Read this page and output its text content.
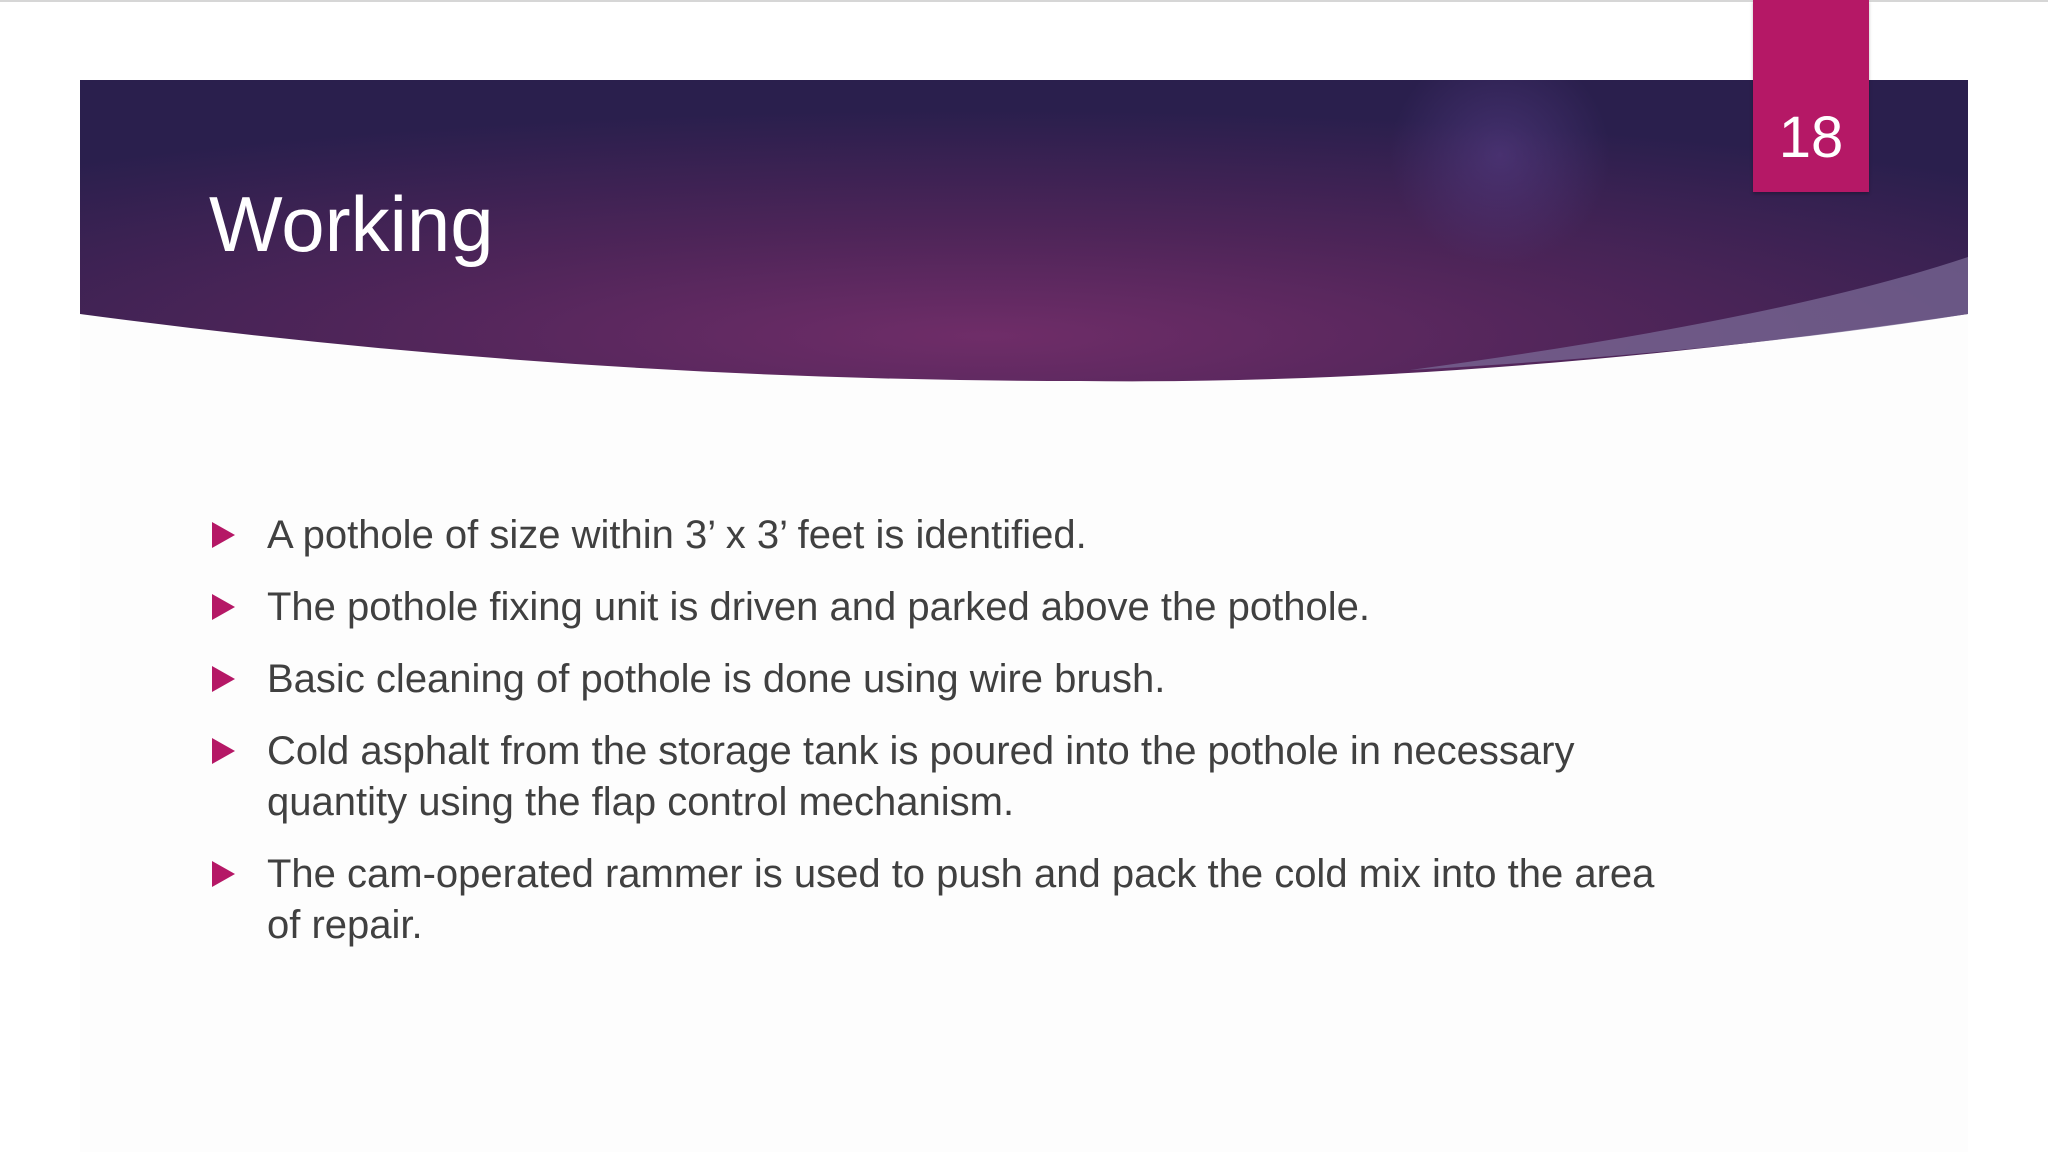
Working
18
A pothole of size within 3’ x 3’ feet is identified.
The pothole fixing unit is driven and parked above the pothole.
Basic cleaning of pothole is done using wire brush.
Cold asphalt from the storage tank is poured into the pothole in necessary quantity using the flap control mechanism.
The cam-operated rammer is used to push and pack the cold mix into the area of repair.
